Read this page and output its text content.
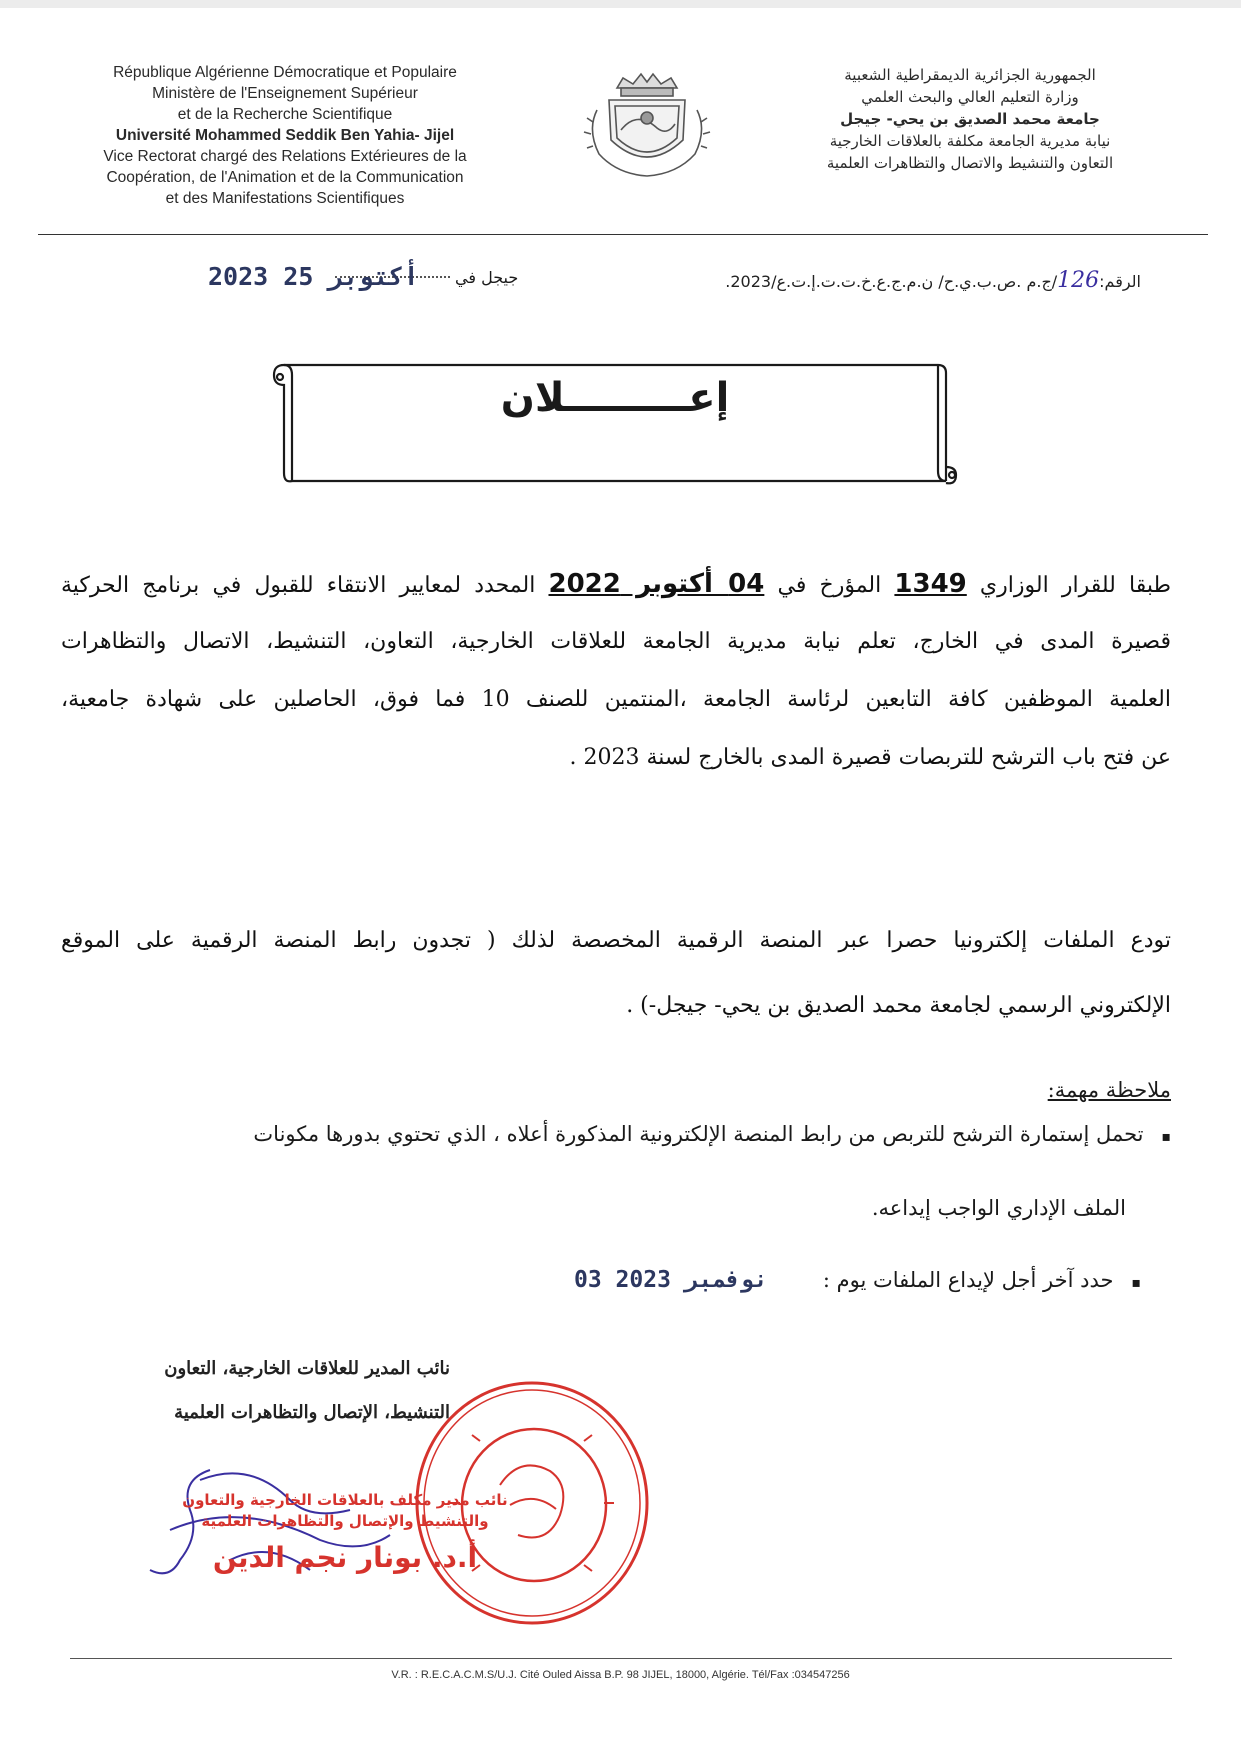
République Algérienne Démocratique et Populaire
Ministère de l'Enseignement Supérieur
et de la Recherche Scientifique
Université Mohammed Seddik Ben Yahia- Jijel
Vice Rectorat chargé des Relations Extérieures de la
Coopération, de l'Animation et de la Communication
et des Manifestations Scientifiques
الجمهورية الجزائرية الديمقراطية الشعبية
وزارة التعليم العالي والبحث العلمي
جامعة محمد الصديق بن يحي- جيجل
نيابة مديرية الجامعة مكلفة بالعلاقات الخارجية
التعاون والتنشيط والاتصال والتظاهرات العلمية
الرقم:126/ج.م .ص.ب.ي.ح/ ن.م.ج.ع.خ.ت.ت.إ.ت.ع/2023.
جيجل في
2023 أكتوبر 25
إعـــــــــلان
طبقا للقرار الوزاري 1349 المؤرخ في 04 أكتوبر 2022 المحدد لمعايير الانتقاء للقبول في برنامج الحركية
قصيرة المدى في الخارج، تعلم نيابة مديرية الجامعة للعلاقات الخارجية، التعاون، التنشيط، الاتصال والتظاهرات
العلمية الموظفين كافة التابعين لرئاسة الجامعة ،المنتمين للصنف 10 فما فوق، الحاصلين على شهادة جامعية،
عن فتح باب الترشح للتربصات قصيرة المدى بالخارج لسنة 2023 .
تودع الملفات إلكترونيا حصرا عبر المنصة الرقمية المخصصة لذلك ( تجدون رابط المنصة الرقمية على الموقع
الإلكتروني الرسمي لجامعة محمد الصديق بن يحي- جيجل-) .
ملاحظة مهمة:
▪تحمل إستمارة الترشح للتربص من رابط المنصة الإلكترونية المذكورة أعلاه ، الذي تحتوي بدورها مكونات
الملف الإداري الواجب إيداعه.
▪حدد آخر أجل لإيداع الملفات يوم :
03 نوفمبر 2023
نائب المدير للعلاقات الخارجية، التعاون
التنشيط، الإتصال والتظاهرات العلمية
نائب مدير مكلف بالعلاقات الخارجية والتعاون
والتنشيط والإتصال والتظاهرات العلمية
أ.د. بونار نجم الدين
V.R. : R.E.C.A.C.M.S/U.J. Cité Ouled Aissa B.P. 98 JIJEL, 18000, Algérie. Tél/Fax :034547256
